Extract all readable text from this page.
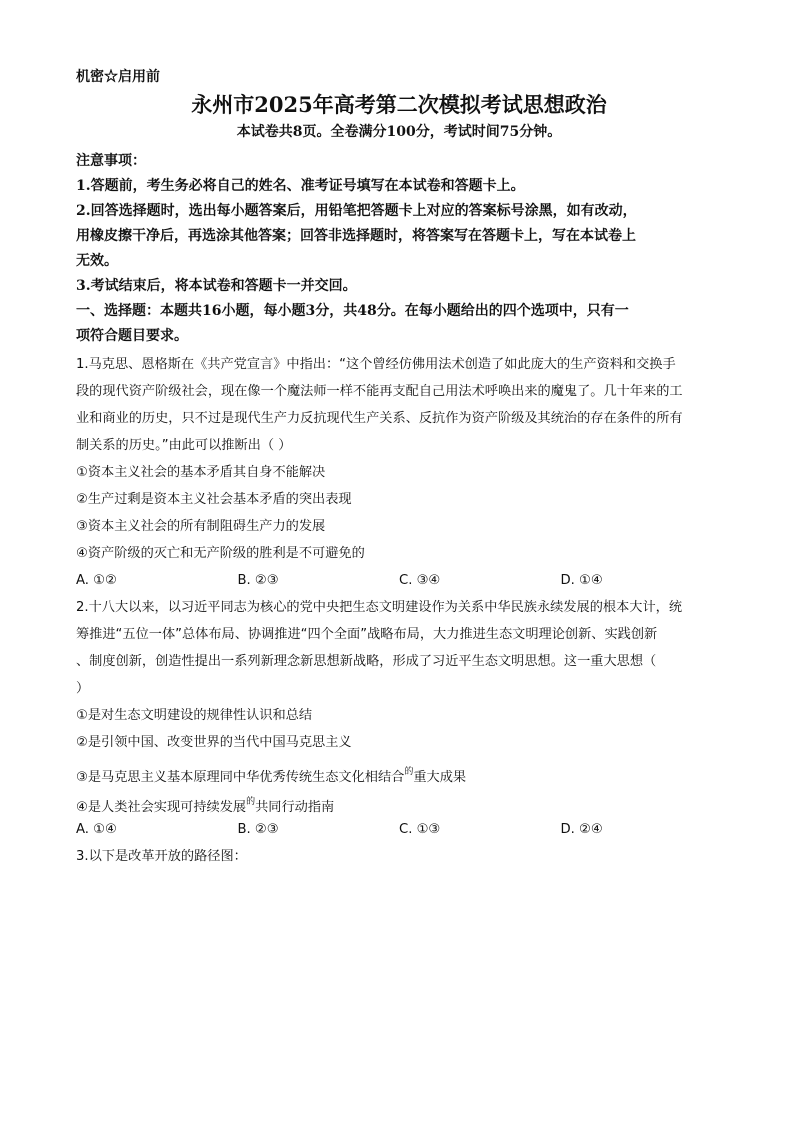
机密☆启用前
永州市2025年高考第二次模拟考试思想政治
本试卷共8页。全卷满分100分，考试时间75分钟。
注意事项：
1.答题前，考生务必将自己的姓名、准考证号填写在本试卷和答题卡上。
2.回答选择题时，选出每小题答案后，用铅笔把答题卡上对应的答案标号涂黑，如有改动，
用橡皮擦干净后，再选涂其他答案；回答非选择题时，将答案写在答题卡上，写在本试卷上
无效。
3.考试结束后，将本试卷和答题卡一并交回。
一、选择题：本题共16小题，每小题3分，共48分。在每小题给出的四个选项中，只有一
项符合题目要求。
1.马克思、恩格斯在《共产党宣言》中指出：“这个曾经仿佛用法术创造了如此庞大的生产资料和交换手
段的现代资产阶级社会，现在像一个魔法师一样不能再支配自己用法术呼唤出来的魔鬼了。几十年来的工
业和商业的历史，只不过是现代生产力反抗现代生产关系、反抗作为资产阶级及其统治的存在条件的所有
制关系的历史。”由此可以推断出（ ）
①资本主义社会的基本矛盾其自身不能解决
②生产过剩是资本主义社会基本矛盾的突出表现
③资本主义社会的所有制阻碍生产力的发展
④资产阶级的灭亡和无产阶级的胜利是不可避免的
A. ①②	B. ②③	C. ③④	D. ①④
2.十八大以来，以习近平同志为核心的党中央把生态文明建设作为关系中华民族永续发展的根本大计，统
筹推进“五位一体”总体布局、协调推进“四个全面”战略布局，大力推进生态文明理论创新、实践创新
、制度创新，创造性提出一系列新理念新思想新战略，形成了习近平生态文明思想。这一重大思想（
）
①是对生态文明建设的规律性认识和总结
②是引领中国、改变世界的当代中国马克思主义
③是马克思主义基本原理同中华优秀传统生态文化相结合$^的$重大成果
④是人类社会实现可持续发展$^的$共同行动指南
A. ①④	B. ②③	C. ①③	D. ②④
3.以下是改革开放的路径图：
